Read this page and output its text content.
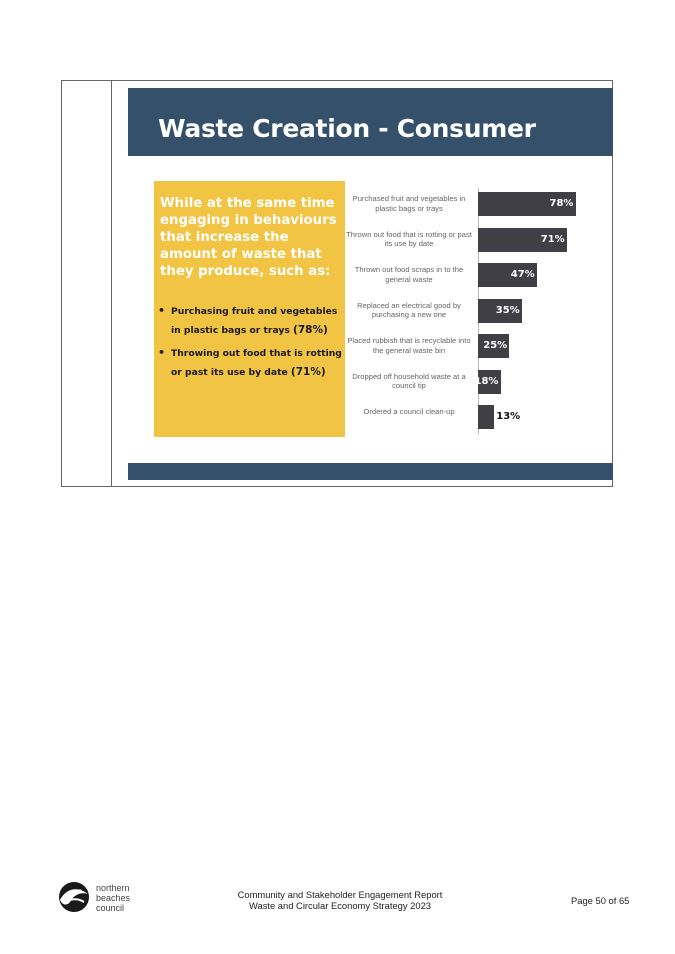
Waste Creation - Consumer
While at the same time engaging in behaviours that increase the amount of waste that they produce, such as:
• Purchasing fruit and vegetables in plastic bags or trays (78%)
• Throwing out food that is rotting or past its use by date (71%)
Purchased fruit and vegetables in plastic bags or trays	78%
Thrown out food that is rotting or past its use by date	71%
Thrown out food scraps in to the general waste	47%
Replaced an electrical good by purchasing a new one	35%
Placed rubbish that is recyclable into the general waste bin	25%
Dropped off household waste at a council tip	18%
Ordered a council clean-up	13%
northern
beaches
council
Community and Stakeholder Engagement Report
Waste and Circular Economy Strategy 2023	Page 50 of 65
